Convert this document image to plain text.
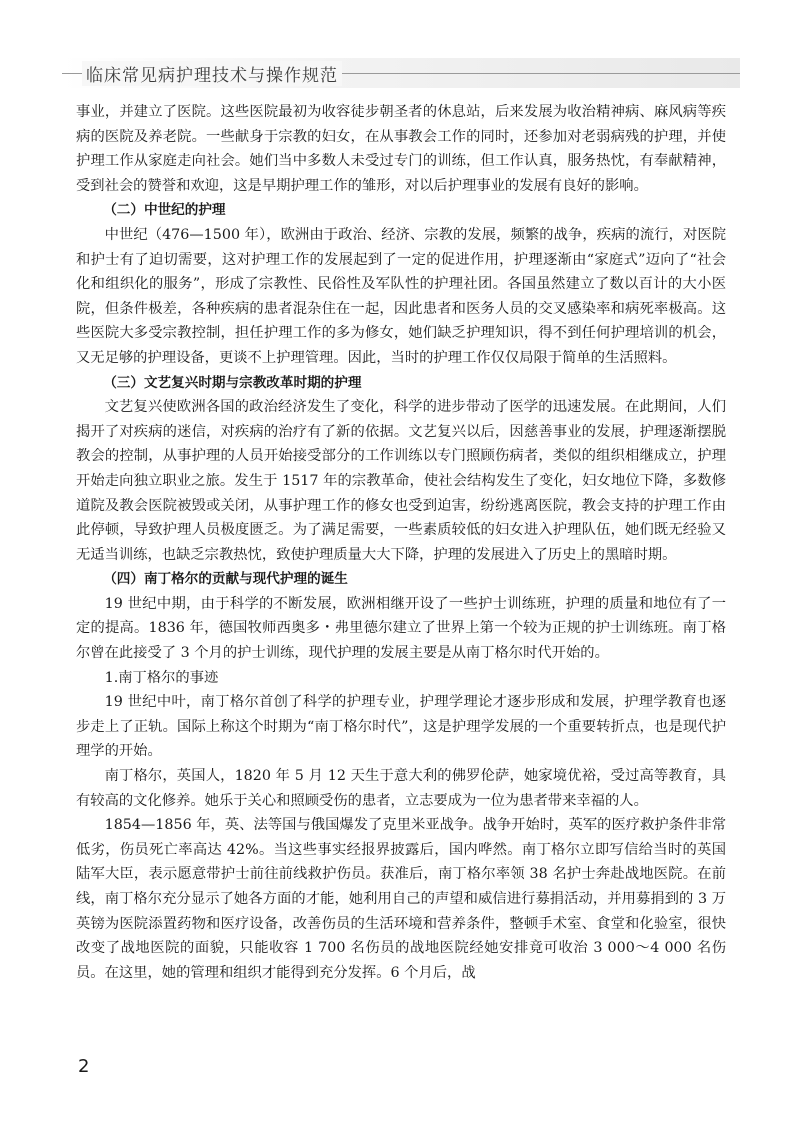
临床常见病护理技术与操作规范

事业，并建立了医院。这些医院最初为收容徒步朝圣者的休息站，后来发展为收治精神病、麻风病等疾病的医院及养老院。一些献身于宗教的妇女，在从事教会工作的同时，还参加对老弱病残的护理，并使护理工作从家庭走向社会。她们当中多数人未受过专门的训练，但工作认真，服务热忱，有奉献精神，受到社会的赞誉和欢迎，这是早期护理工作的雏形，对以后护理事业的发展有良好的影响。

（二）中世纪的护理

中世纪（476—1500 年），欧洲由于政治、经济、宗教的发展，频繁的战争，疾病的流行，对医院和护士有了迫切需要，这对护理工作的发展起到了一定的促进作用，护理逐渐由“家庭式”迈向了“社会化和组织化的服务”，形成了宗教性、民俗性及军队性的护理社团。各国虽然建立了数以百计的大小医院，但条件极差，各种疾病的患者混杂住在一起，因此患者和医务人员的交叉感染率和病死率极高。这些医院大多受宗教控制，担任护理工作的多为修女，她们缺乏护理知识，得不到任何护理培训的机会，又无足够的护理设备，更谈不上护理管理。因此，当时的护理工作仅仅局限于简单的生活照料。

（三）文艺复兴时期与宗教改革时期的护理

文艺复兴使欧洲各国的政治经济发生了变化，科学的进步带动了医学的迅速发展。在此期间，人们揭开了对疾病的迷信，对疾病的治疗有了新的依据。文艺复兴以后，因慈善事业的发展，护理逐渐摆脱教会的控制，从事护理的人员开始接受部分的工作训练以专门照顾伤病者，类似的组织相继成立，护理开始走向独立职业之旅。发生于 1517 年的宗教革命，使社会结构发生了变化，妇女地位下降，多数修道院及教会医院被毁或关闭，从事护理工作的修女也受到迫害，纷纷逃离医院，教会支持的护理工作由此停顿，导致护理人员极度匮乏。为了满足需要，一些素质较低的妇女进入护理队伍，她们既无经验又无适当训练，也缺乏宗教热忱，致使护理质量大大下降，护理的发展进入了历史上的黑暗时期。

（四）南丁格尔的贡献与现代护理的诞生

19 世纪中期，由于科学的不断发展，欧洲相继开设了一些护士训练班，护理的质量和地位有了一定的提高。1836 年，德国牧师西奥多・弗里德尔建立了世界上第一个较为正规的护士训练班。南丁格尔曾在此接受了 3 个月的护士训练，现代护理的发展主要是从南丁格尔时代开始的。

1.南丁格尔的事迹

19 世纪中叶，南丁格尔首创了科学的护理专业，护理学理论才逐步形成和发展，护理学教育也逐步走上了正轨。国际上称这个时期为“南丁格尔时代”，这是护理学发展的一个重要转折点，也是现代护理学的开始。

南丁格尔，英国人，1820 年 5 月 12 天生于意大利的佛罗伦萨，她家境优裕，受过高等教育，具有较高的文化修养。她乐于关心和照顾受伤的患者，立志要成为一位为患者带来幸福的人。

1854—1856 年，英、法等国与俄国爆发了克里米亚战争。战争开始时，英军的医疗救护条件非常低劣，伤员死亡率高达 42%。当这些事实经报界披露后，国内哗然。南丁格尔立即写信给当时的英国陆军大臣，表示愿意带护士前往前线救护伤员。获准后，南丁格尔率领 38 名护士奔赴战地医院。在前线，南丁格尔充分显示了她各方面的才能，她利用自己的声望和威信进行募捐活动，并用募捐到的 3 万英镑为医院添置药物和医疗设备，改善伤员的生活环境和营养条件，整顿手术室、食堂和化验室，很快改变了战地医院的面貌，只能收容 1 700 名伤员的战地医院经她安排竟可收治 3 000～4 000 名伤员。在这里，她的管理和组织才能得到充分发挥。6 个月后，战

2
